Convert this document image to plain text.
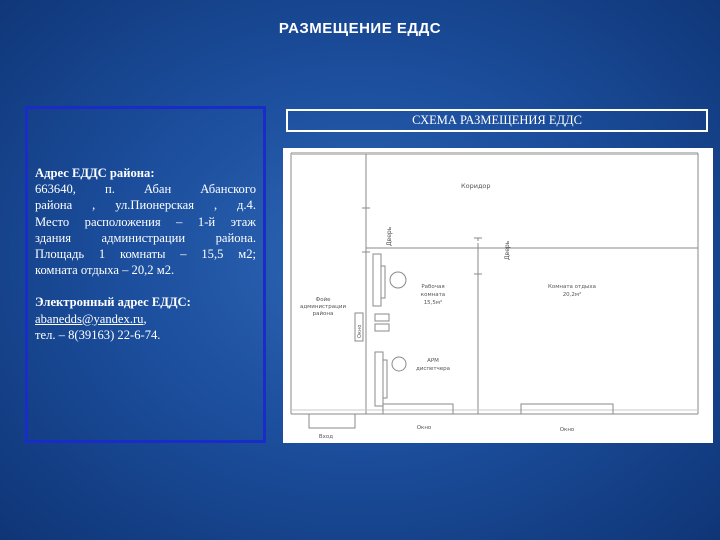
РАЗМЕЩЕНИЕ ЕДДС
Адрес ЕДДС района:
663640, п. Абан Абанского
района , ул.Пионерская , д.4.
Место расположения – 1-й этаж
здания администрации района.
Площадь 1 комнаты – 15,5 м2;
комната отдыха – 20,2 м2.
Электронный адрес ЕДДС:
abanedds@yandex.ru,
тел. – 8(39163) 22-6-74.
СХЕМА РАЗМЕЩЕНИЯ ЕДДС
Коридор
Дверь
Дверь
Фойе
администрации
района
Рабочая
комната
15,5м²
Комната отдыха
20,2м²
АРМ
диспетчера
Окно
Окно	Окно
Вход
